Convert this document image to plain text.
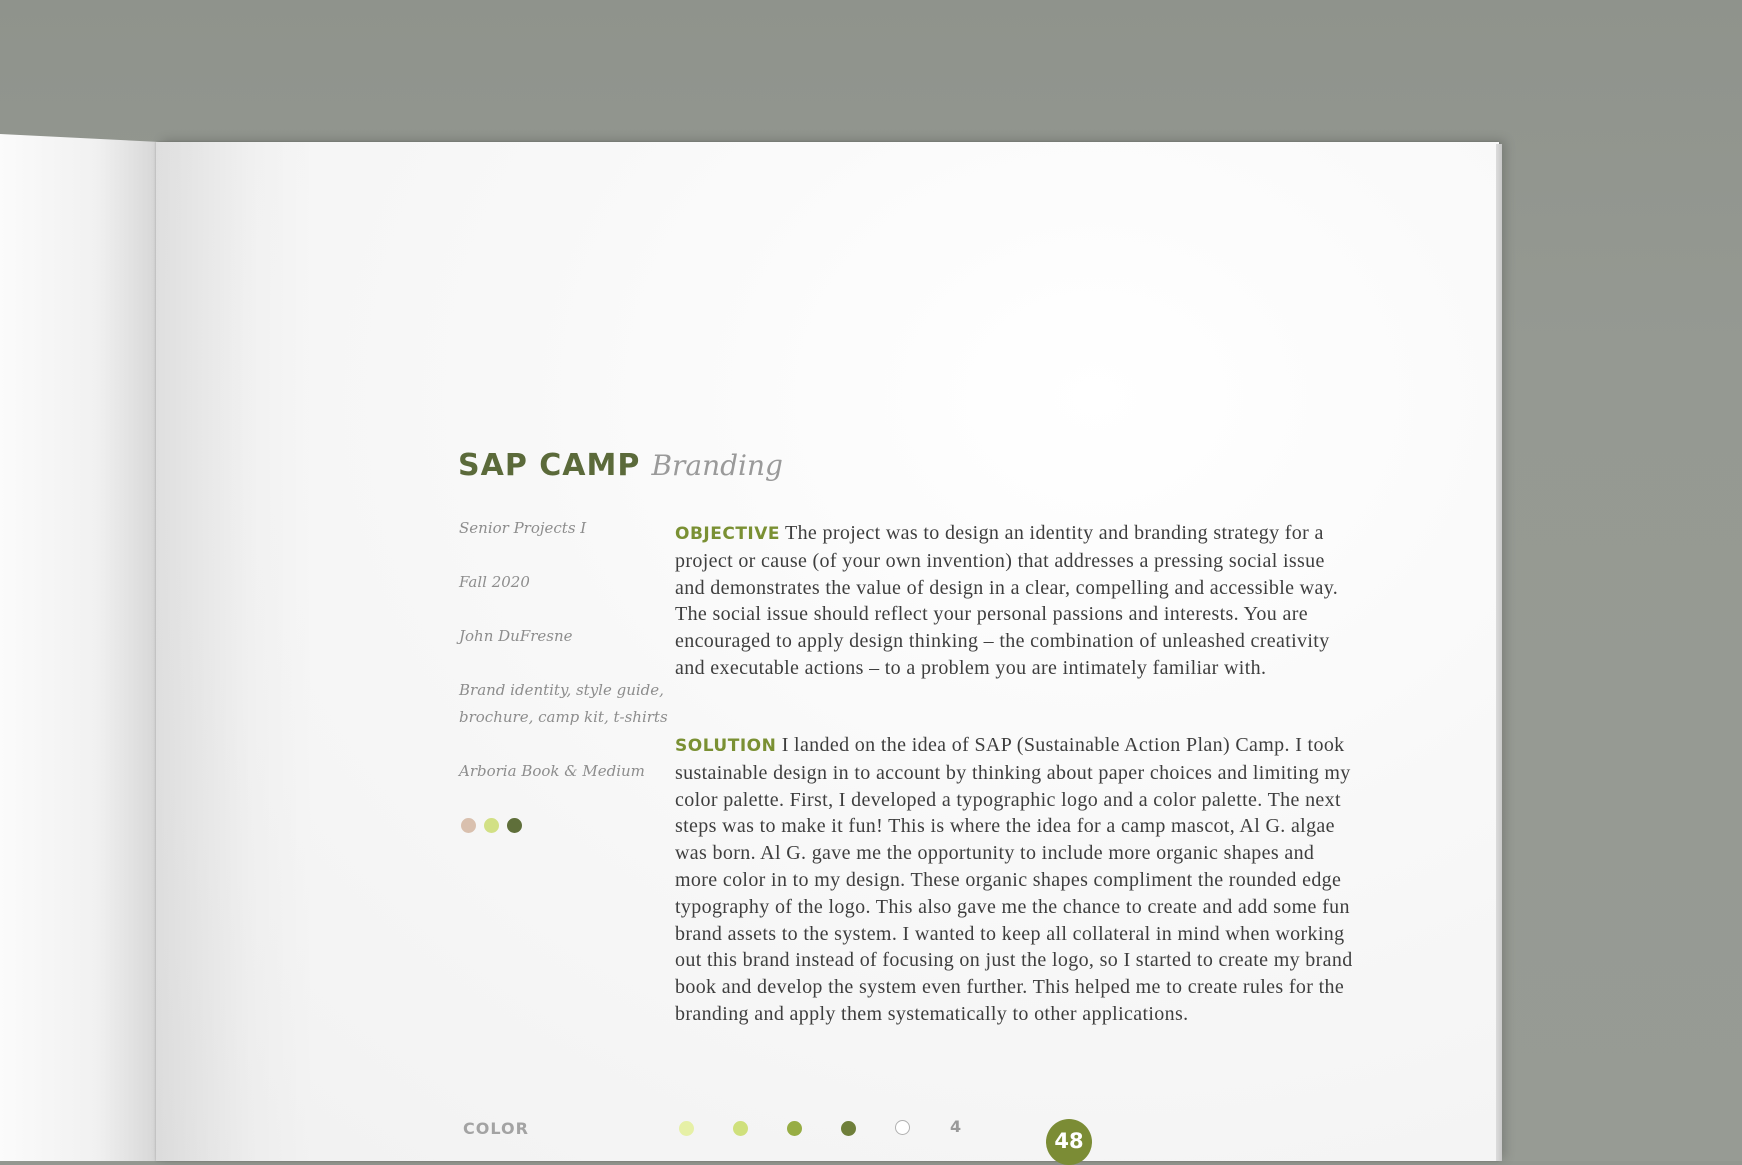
SAP CAMP Branding
Senior Projects I
Fall 2020
John DuFresne
Brand identity, style guide, brochure, camp kit, t-shirts
Arboria Book & Medium

OBJECTIVE The project was to design an identity and branding strategy for a project or cause (of your own invention) that addresses a pressing social issue and demonstrates the value of design in a clear, compelling and accessible way. The social issue should reflect your personal passions and interests. You are encouraged to apply design thinking – the combination of unleashed creativity and executable actions – to a problem you are intimately familiar with.

SOLUTION I landed on the idea of SAP (Sustainable Action Plan) Camp. I took sustainable design in to account by thinking about paper choices and limiting my color palette. First, I developed a typographic logo and a color palette. The next steps was to make it fun! This is where the idea for a camp mascot, Al G. algae was born. Al G. gave me the opportunity to include more organic shapes and more color in to my design. These organic shapes compliment the rounded edge typography of the logo. This also gave me the chance to create and add some fun brand assets to the system. I wanted to keep all collateral in mind when working out this brand instead of focusing on just the logo, so I started to create my brand book and develop the system even further. This helped me to create rules for the branding and apply them systematically to other applications.

COLOR	4
48
